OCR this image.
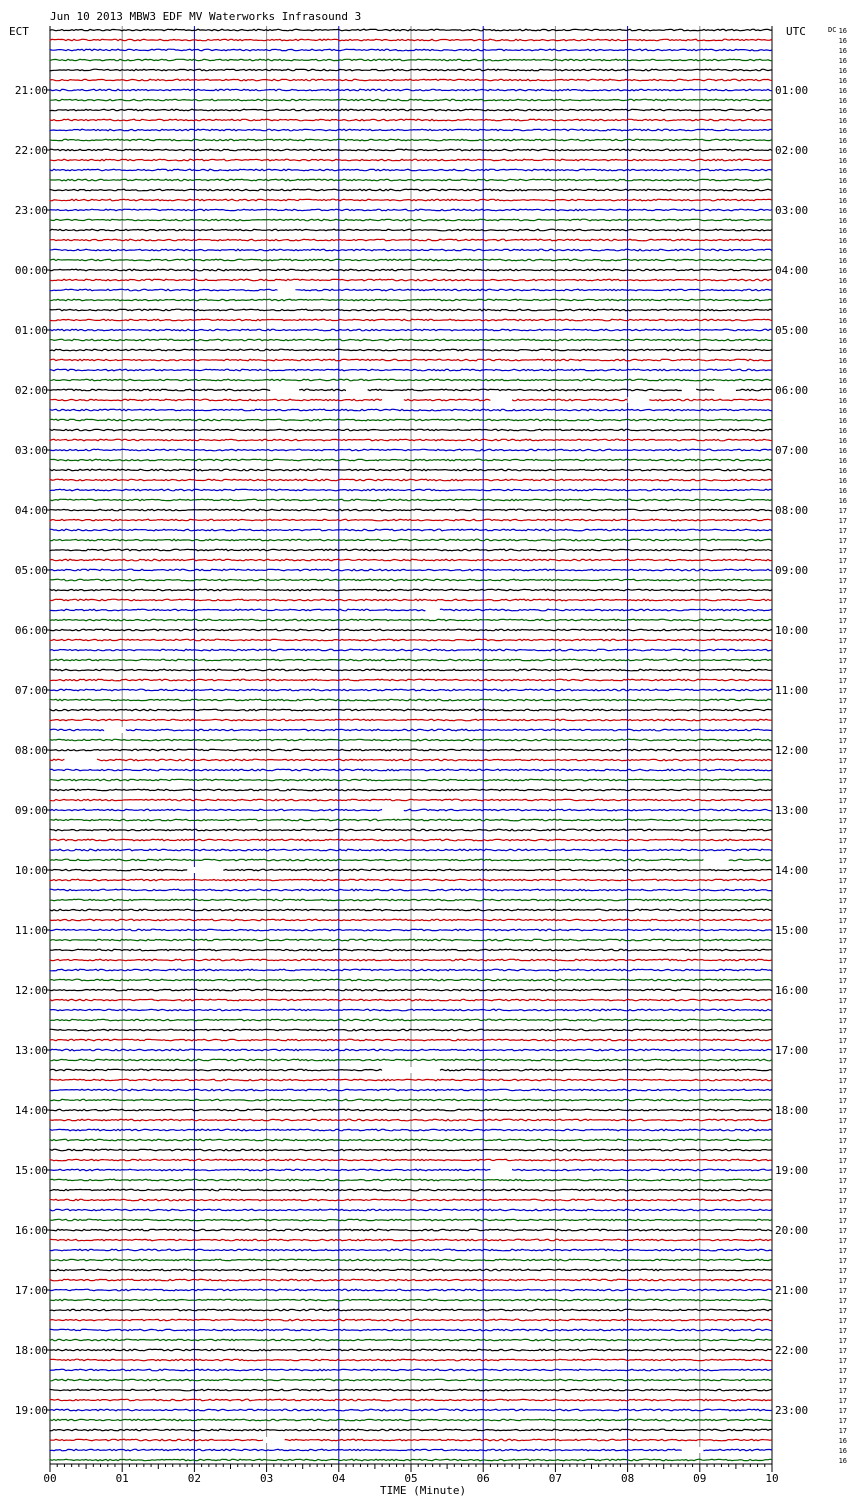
Jun 10 2013 MBW3 EDF MV Waterworks Infrasound 3
ECT	UTC	DC
21:00
22:00
23:00
00:00
01:00
02:00
03:00
04:00
05:00
06:00
07:00
08:00
09:00
10:00
11:00
12:00
13:00
14:00
15:00
16:00
17:00
18:00
19:00
01:00
02:00
03:00
04:00
05:00
06:00
07:00
08:00
09:00
10:00
11:00
12:00
13:00
14:00
15:00
16:00
17:00
18:00
19:00
20:00
21:00
22:00
23:00
16
16
16
16
16
16
16
16
16
16
16
16
16
16
16
16
16
16
16
16
16
16
16
16
16
16
16
16
16
16
16
16
16
16
16
16
16
16
16
16
16
16
16
16
16
16
16
16
17
17
17
17
17
17
17
17
17
17
17
17
17
17
17
17
17
17
17
17
17
17
17
17
17
17
17
17
17
17
17
17
17
17
17
17
17
17
17
17
17
17
17
17
17
17
17
17
17
17
17
17
17
17
17
17
17
17
17
17
17
17
17
17
17
17
17
17
17
17
17
17
17
17
17
17
17
17
17
17
17
17
17
17
17
17
17
17
17
17
17
17
17
16
16
16
00	01	02	03	04	05	06	07	08	09	10
TIME (Minute)
